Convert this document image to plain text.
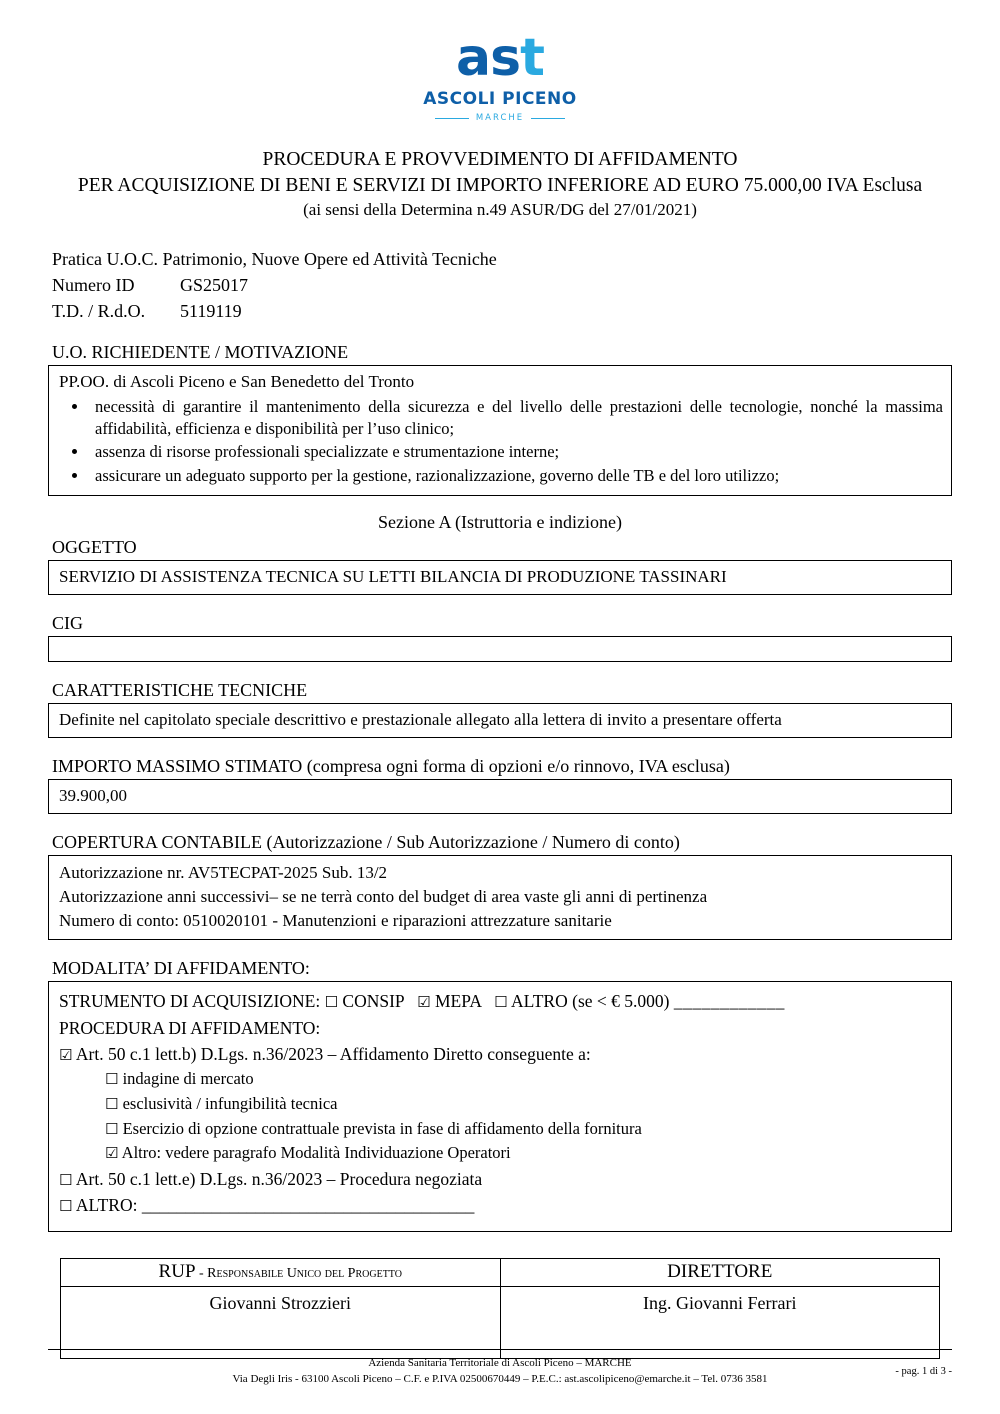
ast
ASCOLI PICENO
MARCHE
PROCEDURA E PROVVEDIMENTO DI AFFIDAMENTO
PER ACQUISIZIONE DI BENI E SERVIZI DI IMPORTO INFERIORE AD EURO 75.000,00 IVA Esclusa
(ai sensi della Determina n.49 ASUR/DG del 27/01/2021)
Pratica U.O.C. Patrimonio, Nuove Opere ed Attività Tecniche
Numero ID	GS25017
T.D. / R.d.O.	5119119
U.O. RICHIEDENTE / MOTIVAZIONE
PP.OO. di Ascoli Piceno e San Benedetto del Tronto
• necessità di garantire il mantenimento della sicurezza e del livello delle prestazioni delle tecnologie, nonché la massima affidabilità, efficienza e disponibilità per l’uso clinico;
• assenza di risorse professionali specializzate e strumentazione interne;
• assicurare un adeguato supporto per la gestione, razionalizzazione, governo delle TB e del loro utilizzo;
Sezione A (Istruttoria e indizione)
OGGETTO
SERVIZIO DI ASSISTENZA TECNICA SU LETTI BILANCIA DI PRODUZIONE TASSINARI
CIG
CARATTERISTICHE TECNICHE
Definite nel capitolato speciale descrittivo e prestazionale allegato alla lettera di invito a presentare offerta
IMPORTO MASSIMO STIMATO (compresa ogni forma di opzioni e/o rinnovo, IVA esclusa)
39.900,00
COPERTURA CONTABILE (Autorizzazione / Sub Autorizzazione / Numero di conto)
Autorizzazione nr. AV5TECPAT-2025 Sub. 13/2
Autorizzazione anni successivi– se ne terrà conto del budget di area vaste gli anni di pertinenza
Numero di conto: 0510020101 - Manutenzioni e riparazioni attrezzature sanitarie
MODALITA’ DI AFFIDAMENTO:
STRUMENTO DI ACQUISIZIONE: ☐ CONSIP ☑ MEPA ☐ ALTRO (se < € 5.000) ____________
PROCEDURA DI AFFIDAMENTO:
☑ Art. 50 c.1 lett.b) D.Lgs. n.36/2023 – Affidamento Diretto conseguente a:
☐ indagine di mercato
☐ esclusività / infungibilità tecnica
☐ Esercizio di opzione contrattuale prevista in fase di affidamento della fornitura
☑ Altro: vedere paragrafo Modalità Individuazione Operatori
☐ Art. 50 c.1 lett.e) D.Lgs. n.36/2023 – Procedura negoziata
☐ ALTRO: ______________________________________
RUP - Responsabile Unico del Progetto	DIRETTORE
Giovanni Strozzieri	Ing. Giovanni Ferrari
Azienda Sanitaria Territoriale di Ascoli Piceno – MARCHE
Via Degli Iris - 63100 Ascoli Piceno – C.F. e P.IVA 02500670449 – P.E.C.: ast.ascolipiceno@emarche.it – Tel. 0736 3581
- pag. 1 di 3 -
